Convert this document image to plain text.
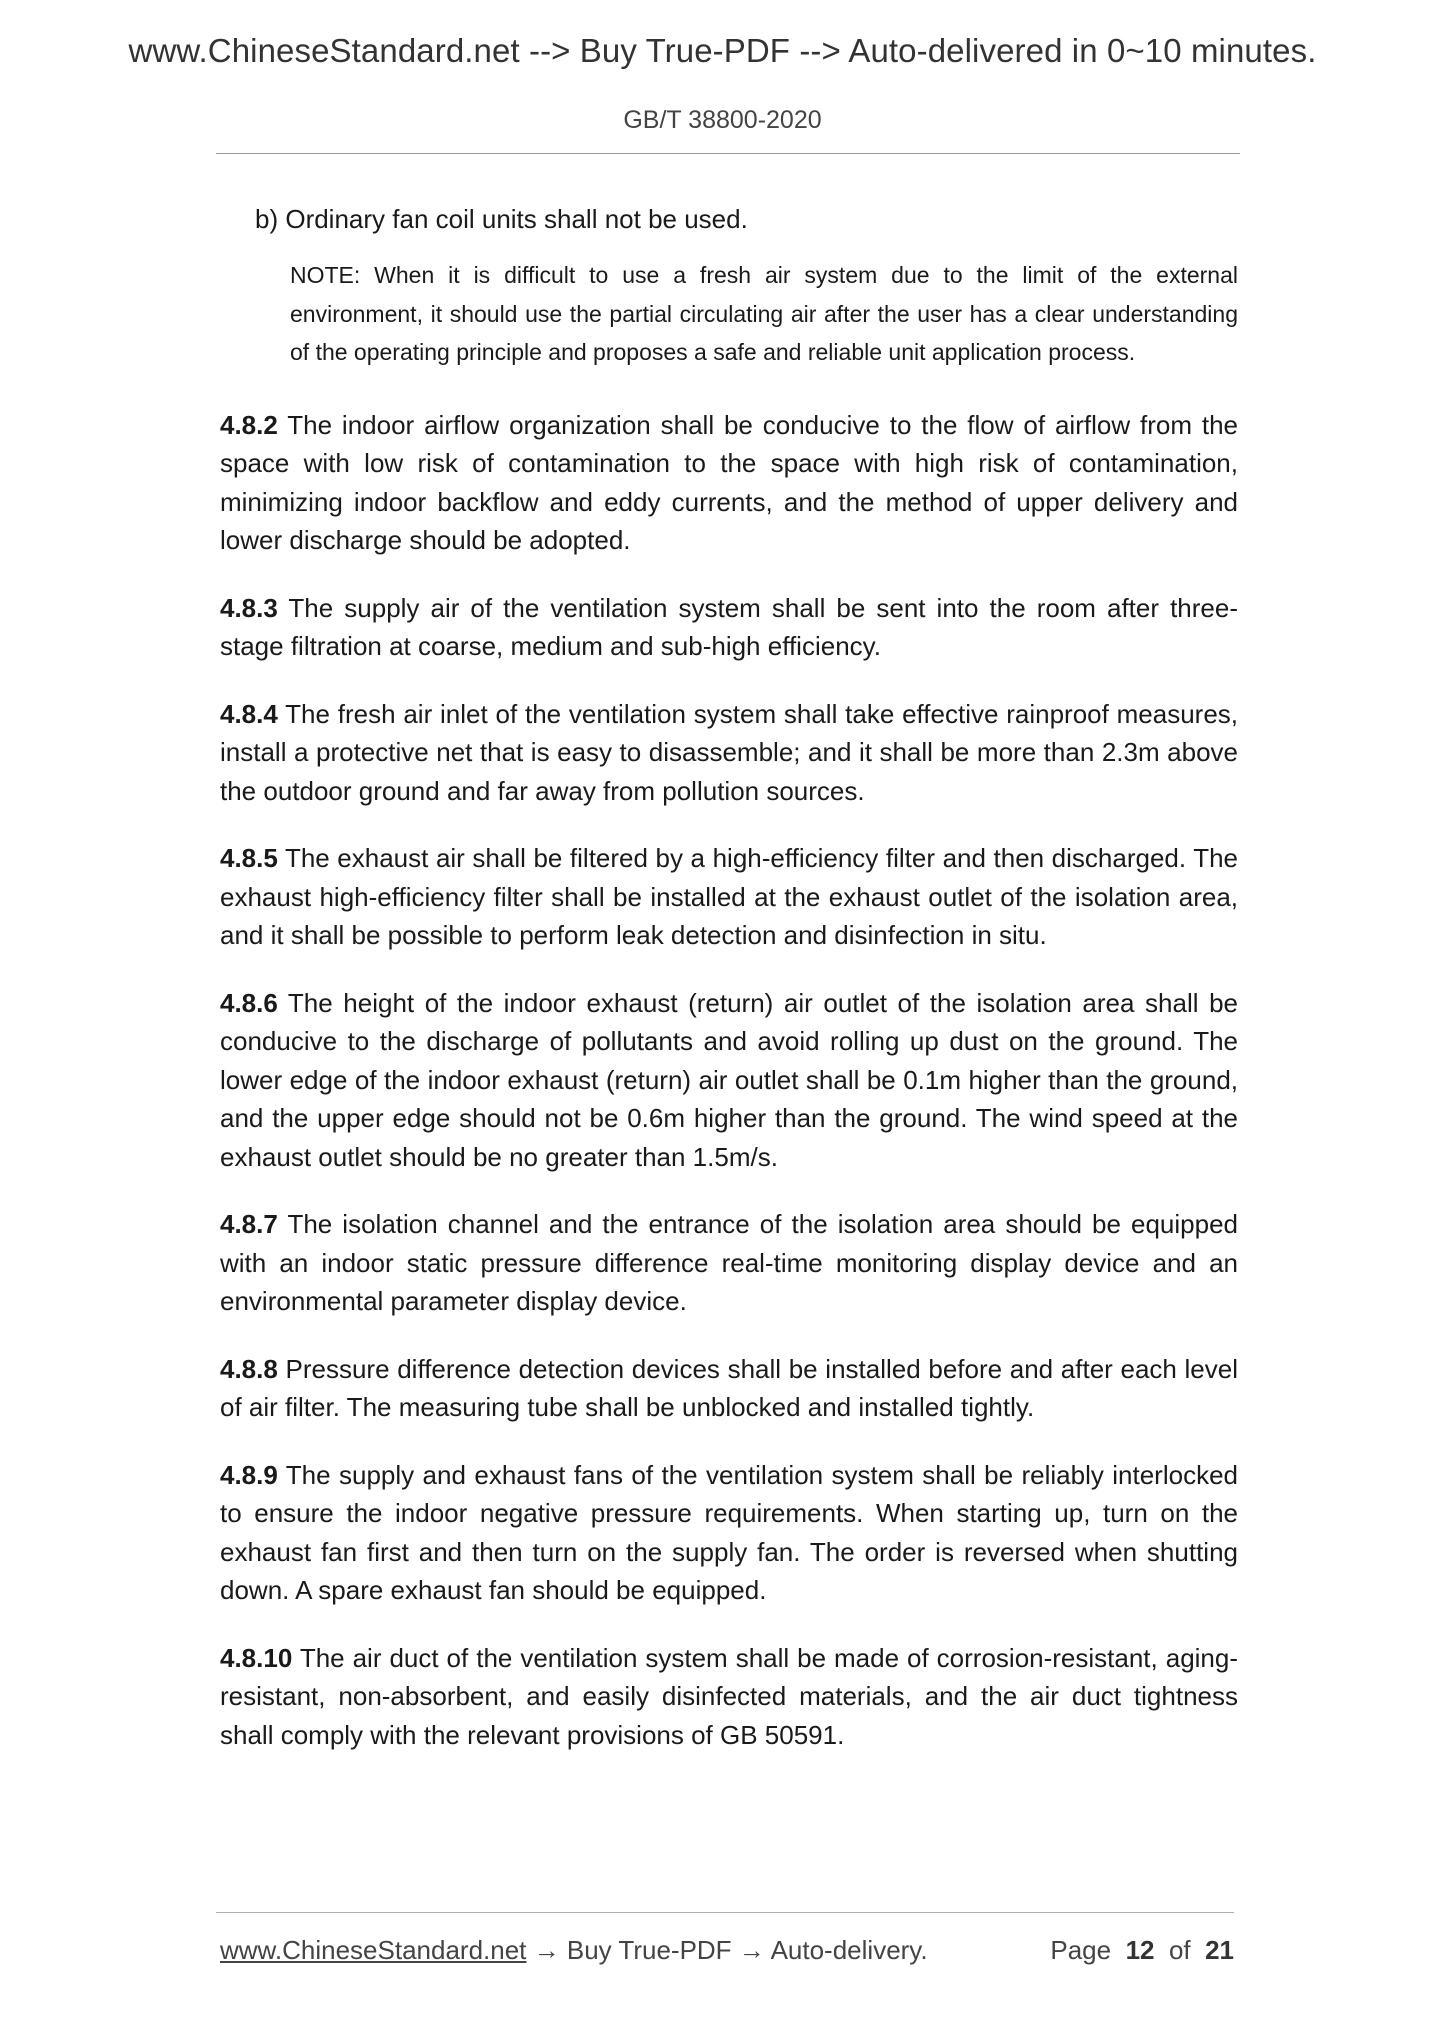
www.ChineseStandard.net --> Buy True-PDF --> Auto-delivered in 0~10 minutes.
GB/T 38800-2020

b) Ordinary fan coil units shall not be used.

NOTE: When it is difficult to use a fresh air system due to the limit of the external environment, it should use the partial circulating air after the user has a clear understanding of the operating principle and proposes a safe and reliable unit application process.

4.8.2 The indoor airflow organization shall be conducive to the flow of airflow from the space with low risk of contamination to the space with high risk of contamination, minimizing indoor backflow and eddy currents, and the method of upper delivery and lower discharge should be adopted.

4.8.3 The supply air of the ventilation system shall be sent into the room after three-stage filtration at coarse, medium and sub-high efficiency.

4.8.4 The fresh air inlet of the ventilation system shall take effective rainproof measures, install a protective net that is easy to disassemble; and it shall be more than 2.3m above the outdoor ground and far away from pollution sources.

4.8.5 The exhaust air shall be filtered by a high-efficiency filter and then discharged. The exhaust high-efficiency filter shall be installed at the exhaust outlet of the isolation area, and it shall be possible to perform leak detection and disinfection in situ.

4.8.6 The height of the indoor exhaust (return) air outlet of the isolation area shall be conducive to the discharge of pollutants and avoid rolling up dust on the ground. The lower edge of the indoor exhaust (return) air outlet shall be 0.1m higher than the ground, and the upper edge should not be 0.6m higher than the ground. The wind speed at the exhaust outlet should be no greater than 1.5m/s.

4.8.7 The isolation channel and the entrance of the isolation area should be equipped with an indoor static pressure difference real-time monitoring display device and an environmental parameter display device.

4.8.8 Pressure difference detection devices shall be installed before and after each level of air filter. The measuring tube shall be unblocked and installed tightly.

4.8.9 The supply and exhaust fans of the ventilation system shall be reliably interlocked to ensure the indoor negative pressure requirements. When starting up, turn on the exhaust fan first and then turn on the supply fan. The order is reversed when shutting down. A spare exhaust fan should be equipped.

4.8.10 The air duct of the ventilation system shall be made of corrosion-resistant, aging-resistant, non-absorbent, and easily disinfected materials, and the air duct tightness shall comply with the relevant provisions of GB 50591.

www.ChineseStandard.net → Buy True-PDF → Auto-delivery.	Page 12 of 21
